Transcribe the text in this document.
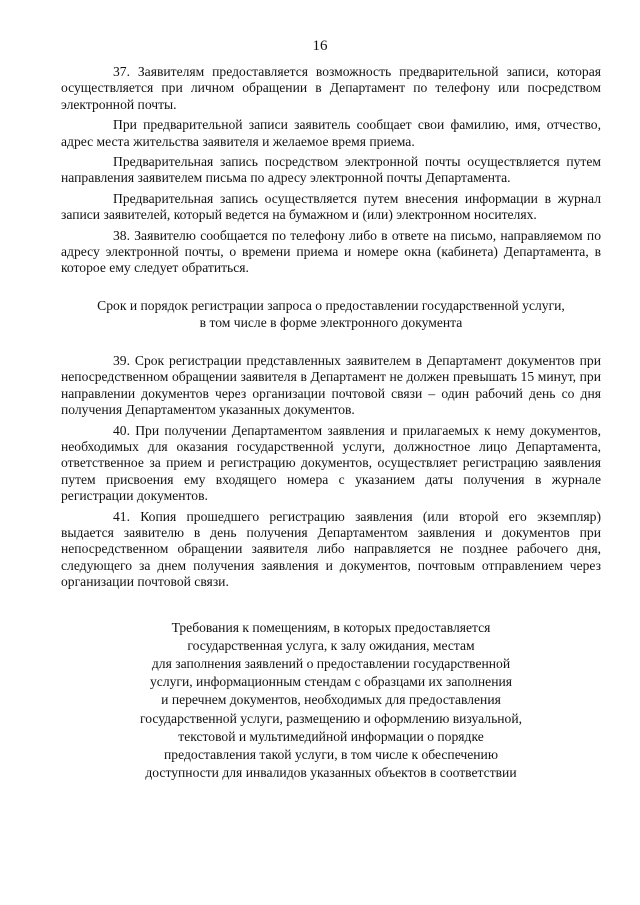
16

37. Заявителям предоставляется возможность предварительной записи, которая осуществляется при личном обращении в Департамент по телефону или посредством электронной почты.

При предварительной записи заявитель сообщает свои фамилию, имя, отчество, адрес места жительства заявителя и желаемое время приема.

Предварительная запись посредством электронной почты осуществляется путем направления заявителем письма по адресу электронной почты Департамента.

Предварительная запись осуществляется путем внесения информации в журнал записи заявителей, который ведется на бумажном и (или) электронном носителях.

38. Заявителю сообщается по телефону либо в ответе на письмо, направляемом по адресу электронной почты, о времени приема и номере окна (кабинета) Департамента, в которое ему следует обратиться.

Срок и порядок регистрации запроса о предоставлении государственной услуги,
в том числе в форме электронного документа

39. Срок регистрации представленных заявителем в Департамент документов при непосредственном обращении заявителя в Департамент не должен превышать 15 минут, при направлении документов через организации почтовой связи – один рабочий день со дня получения Департаментом указанных документов.

40. При получении Департаментом заявления и прилагаемых к нему документов, необходимых для оказания государственной услуги, должностное лицо Департамента, ответственное за прием и регистрацию документов, осуществляет регистрацию заявления путем присвоения ему входящего номера с указанием даты получения в журнале регистрации документов.

41. Копия прошедшего регистрацию заявления (или второй его экземпляр) выдается заявителю в день получения Департаментом заявления и документов при непосредственном обращении заявителя либо направляется не позднее рабочего дня, следующего за днем получения заявления и документов, почтовым отправлением через организации почтовой связи.

Требования к помещениям, в которых предоставляется
государственная услуга, к залу ожидания, местам
для заполнения заявлений о предоставлении государственной
услуги, информационным стендам с образцами их заполнения
и перечнем документов, необходимых для предоставления
государственной услуги, размещению и оформлению визуальной,
текстовой и мультимедийной информации о порядке
предоставления такой услуги, в том числе к обеспечению
доступности для инвалидов указанных объектов в соответствии
